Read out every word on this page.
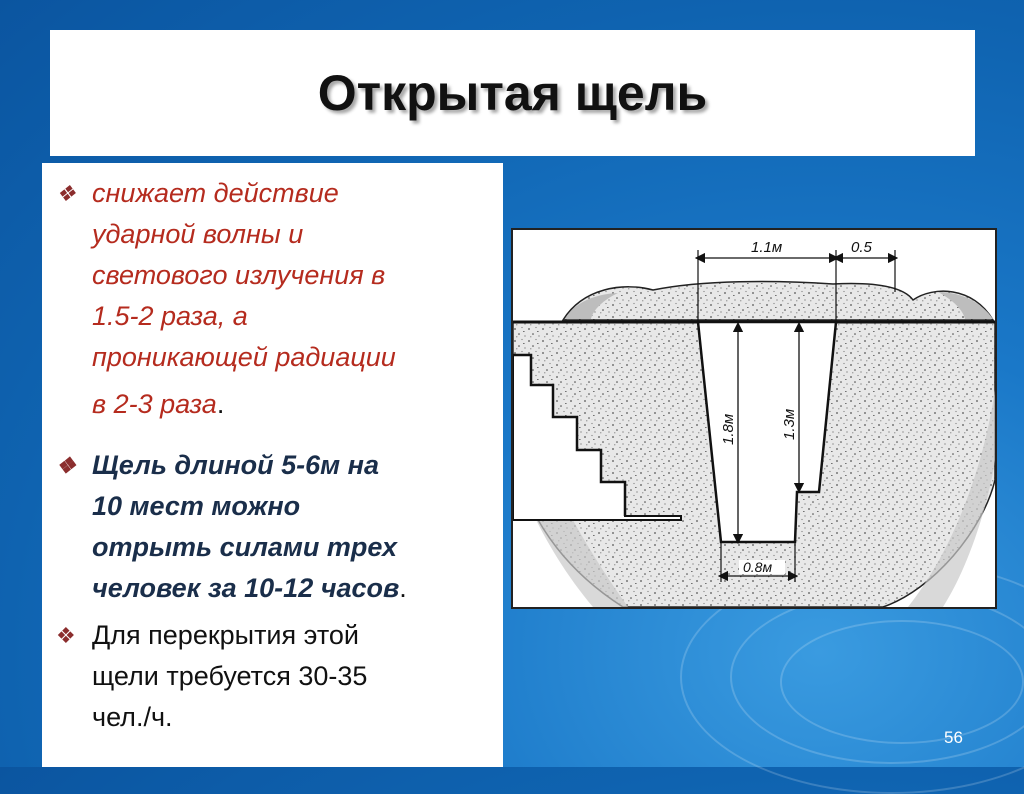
Открытая щель
❖ снижает действие
ударной волны и
светового излучения в
1.5-2 раза, а
проникающей радиации
в 2-3 раза.
❖ Щель длиной 5-6м на
10 мест можно
отрыть силами трех
человек за 10-12 часов.
❖ Для перекрытия этой
щели требуется 30-35
чел./ч.
1.1м	0.5
1.8м	1.3м
0.8м
56
